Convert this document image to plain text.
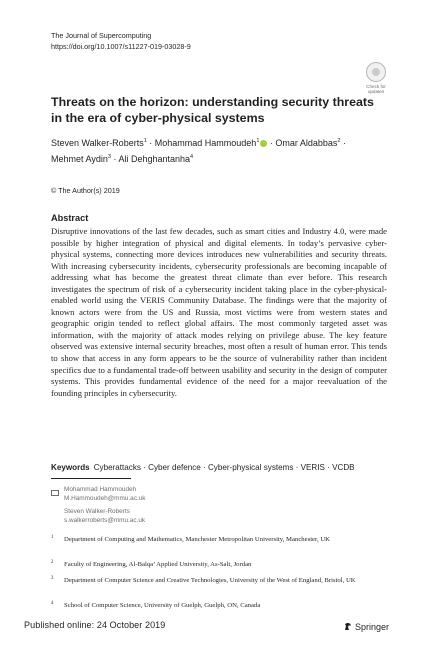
The Journal of Supercomputing
https://doi.org/10.1007/s11227-019-03028-9
Check for
updates
Threats on the horizon: understanding security threats in the era of cyber-physical systems
Steven Walker-Roberts$^1$ · Mohammad Hammoudeh$^1$ · Omar Aldabbas$^2$ ·
Mehmet Aydin$^3$ · Ali Dehghantanha$^4$
© The Author(s) 2019
Abstract
Disruptive innovations of the last few decades, such as smart cities and Industry 4.0, were made possible by higher integration of physical and digital elements. In today’s pervasive cyber-physical systems, connecting more devices introduces new vulnerabilities and security threats. With increasing cybersecurity incidents, cybersecurity professionals are becoming incapable of addressing what has become the greatest threat climate than ever before. This research investigates the spectrum of risk of a cybersecurity incident taking place in the cyber-physical-enabled world using the VERIS Community Database. The findings were that the majority of known actors were from the US and Russia, most victims were from western states and geographic origin tended to reflect global affairs. The most commonly targeted asset was information, with the majority of attack modes relying on privilege abuse. The key feature observed was extensive internal security breaches, most often a result of human error. This tends to show that access in any form appears to be the source of vulnerability rather than incident specifics due to a fundamental trade-off between usability and security in the design of computer systems. This provides fundamental evidence of the need for a major reevaluation of the founding principles in cybersecurity.
Keywords Cyberattacks · Cyber defence · Cyber-physical systems · VERIS · VCDB
Mohammad Hammoudeh
M.Hammoudeh@mmu.ac.uk
Steven Walker-Roberts
s.walkerroberts@mmu.ac.uk
1 Department of Computing and Mathematics, Manchester Metropolitan University, Manchester, UK
2 Faculty of Engineering, Al-Balqa’ Applied University, As-Salt, Jordan
3 Department of Computer Science and Creative Technologies, University of the West of England, Bristol, UK
4 School of Computer Science, University of Guelph, Guelph, ON, Canada
Published online: 24 October 2019	Springer
